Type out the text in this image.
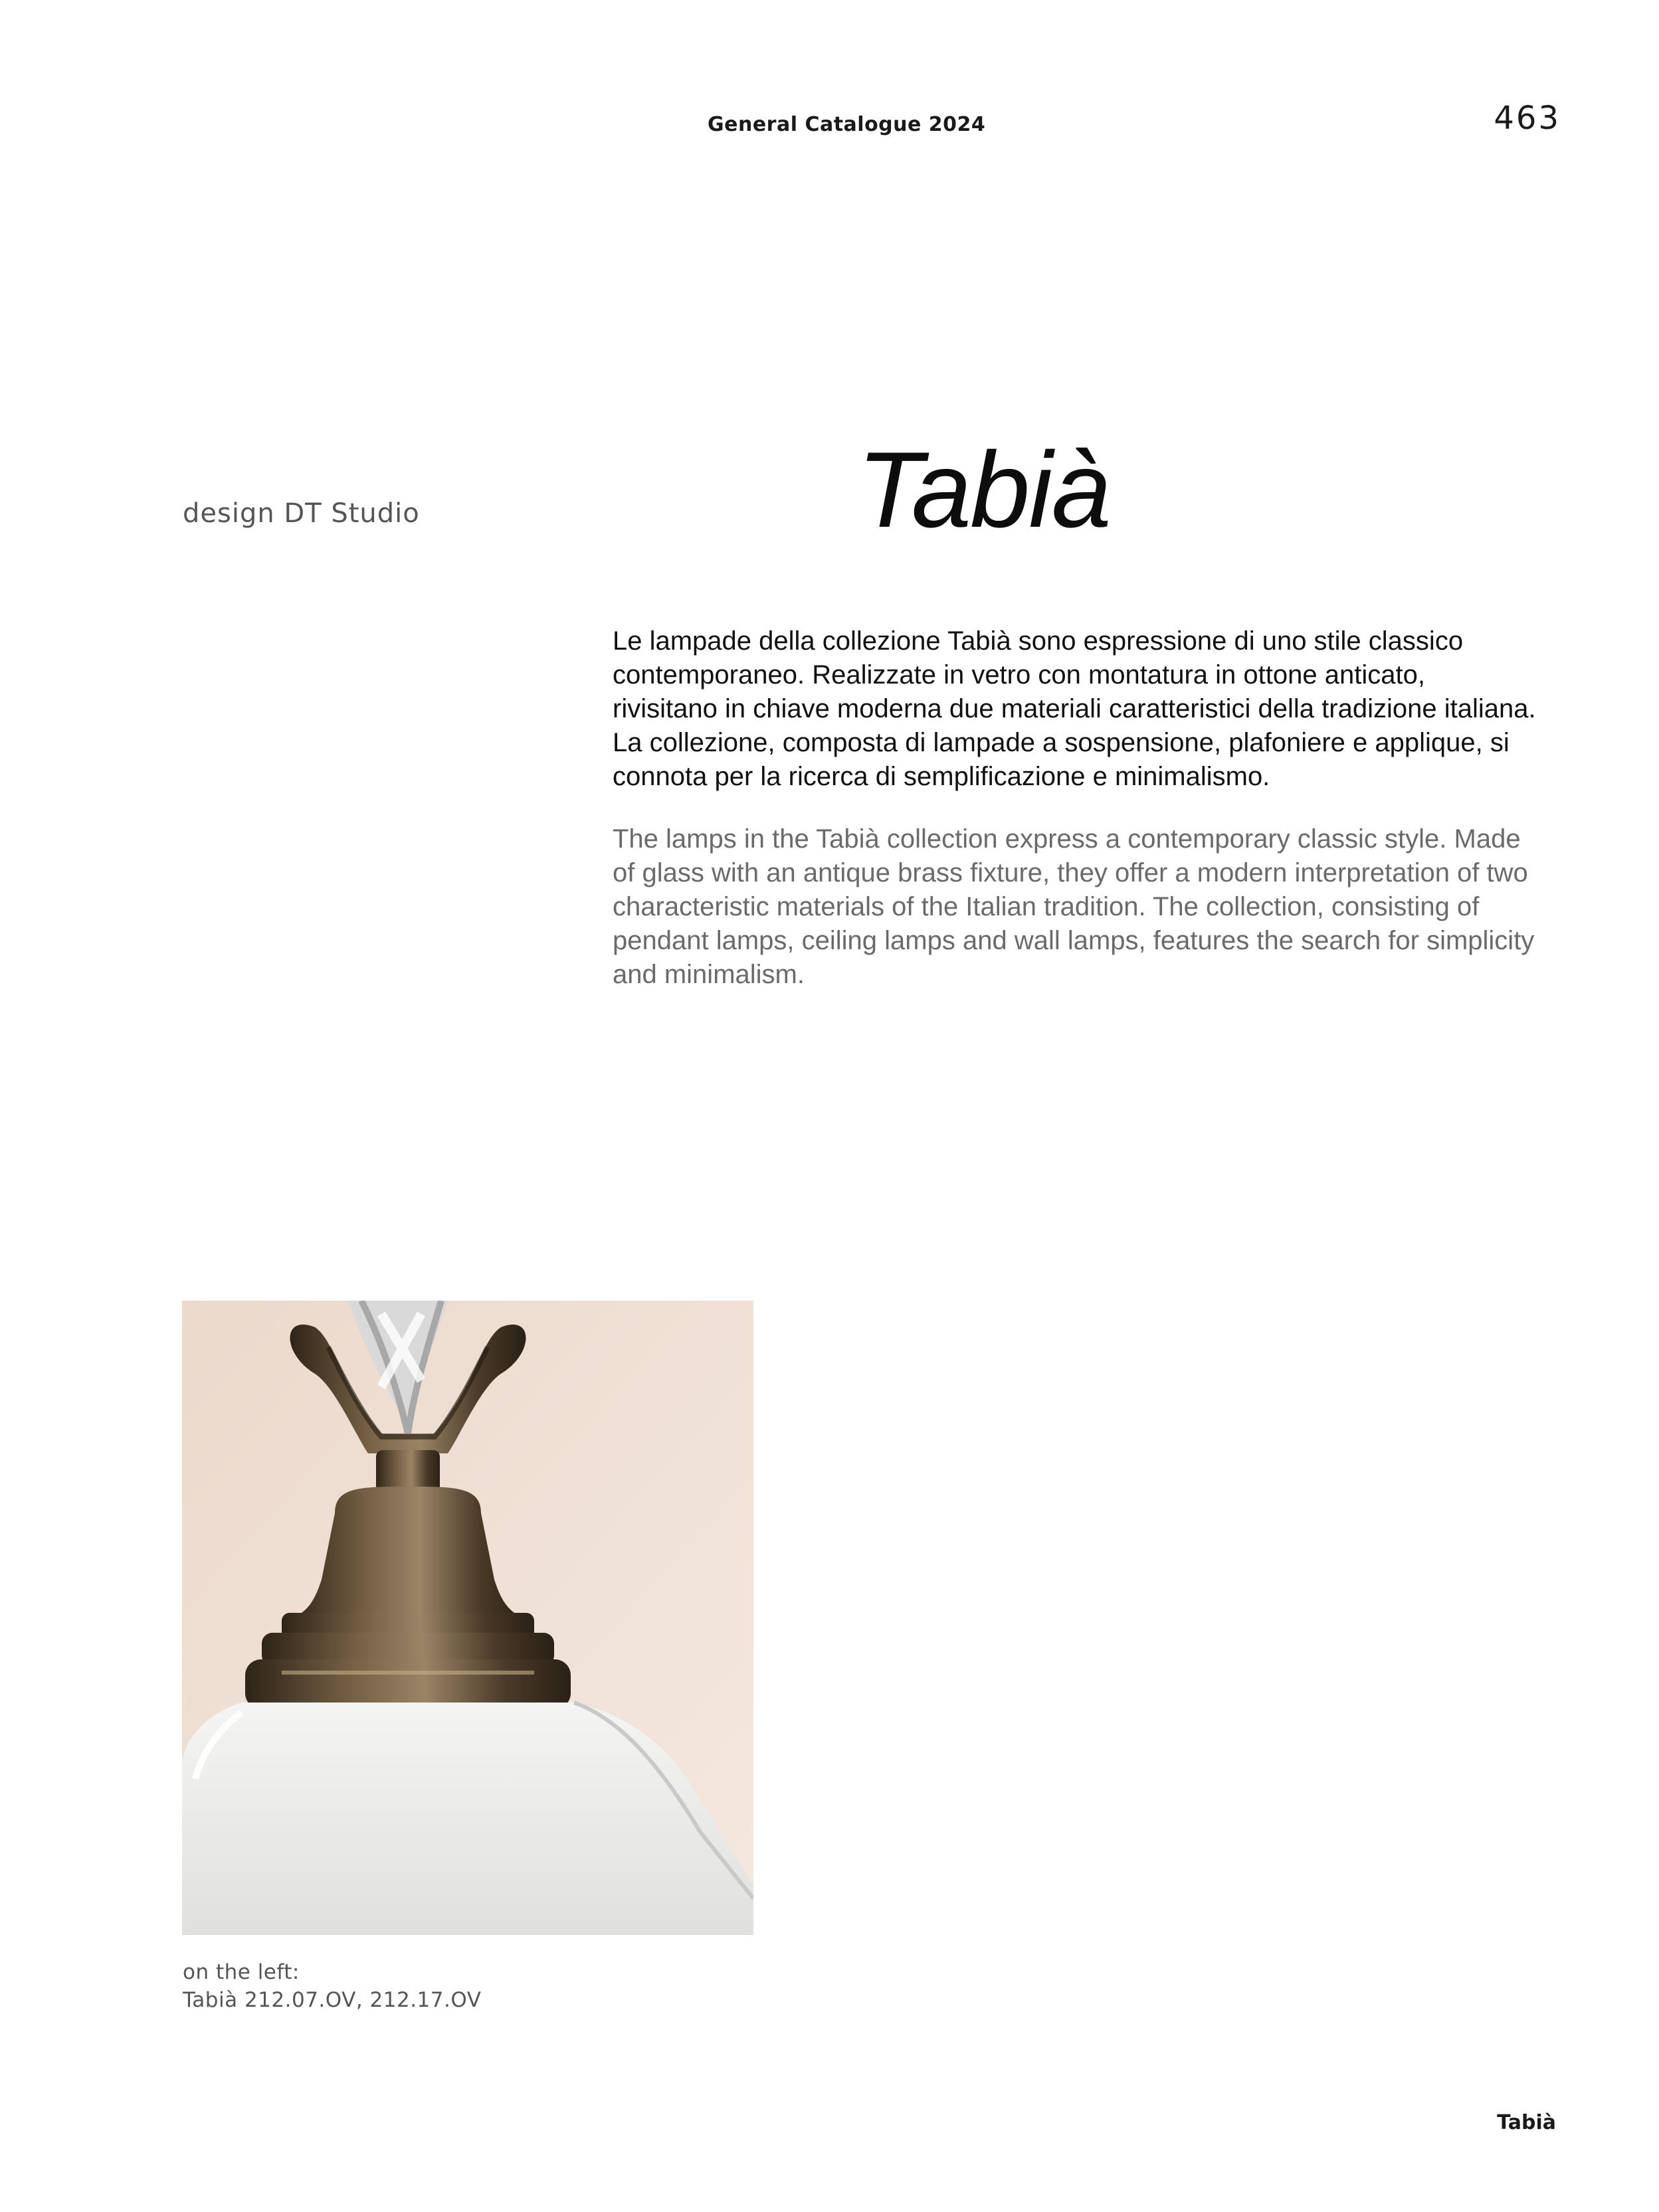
General Catalogue 2024	463
design DT Studio	Tabià

Le lampade della collezione Tabià sono espressione di uno stile classico contemporaneo. Realizzate in vetro con montatura in ottone anticato, rivisitano in chiave moderna due materiali caratteristici della tradizione italiana. La collezione, composta di lampade a sospensione, plafoniere e applique, si connota per la ricerca di semplificazione e minimalismo.

The lamps in the Tabià collection express a contemporary classic style. Made of glass with an antique brass fixture, they offer a modern interpretation of two characteristic materials of the Italian tradition. The collection, consisting of pendant lamps, ceiling lamps and wall lamps, features the search for simplicity and minimalism.

on the left:
Tabià 212.07.OV, 212.17.OV
Tabià
